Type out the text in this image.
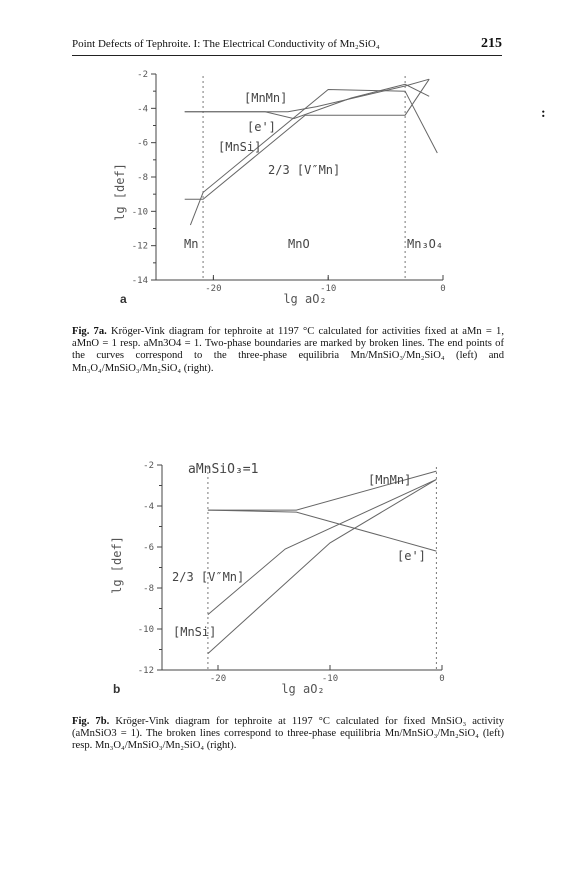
Point Defects of Tephroite. I: The Electrical Conductivity of Mn₂SiO₄	215
:
0
-10
-20
-2
-4
-6
-8
-10
-12
-14
lg [def]
lg aO₂
a
[MnMn]
[e']
[MnSi]
2/3 [V″Mn]
Mn	MnO	Mn₃O₄
Fig. 7a. Kröger-Vink diagram for tephroite at 1197 °C calculated for activities fixed at aMn = 1, aMnO = 1 resp. aMn3O4 = 1. Two-phase boundaries are marked by broken lines. The end points of the curves correspond to the three-phase equilibria Mn/MnSiO₃/Mn₂SiO₄ (left) and Mn₃O₄/MnSiO₃/Mn₂SiO₄ (right).
0
-10
-20
-2
-4
-6
-8
-10
-12
lg [def]
lg aO₂
b
aMnSiO₃=1
[MnMn]
[e']
2/3 [V″Mn]
[MnSi]
Fig. 7b. Kröger-Vink diagram for tephroite at 1197 °C calculated for fixed MnSiO₃ activity (aMnSiO3 = 1). The broken lines correspond to three-phase equilibria Mn/MnSiO₃/Mn₂SiO₄ (left) resp. Mn₃O₄/MnSiO₃/Mn₂SiO₄ (right).
